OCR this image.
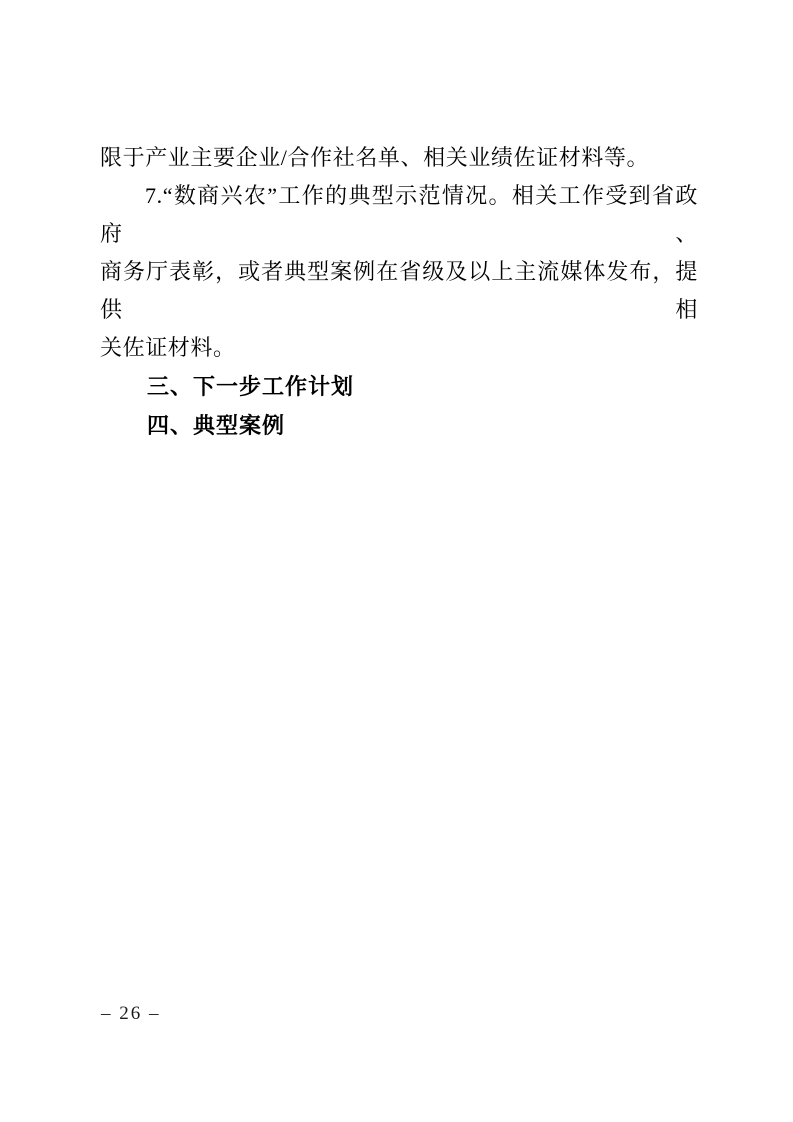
限于产业主要企业/合作社名单、相关业绩佐证材料等。
7.“数商兴农”工作的典型示范情况。相关工作受到省政府、
商务厅表彰，或者典型案例在省级及以上主流媒体发布，提供相
关佐证材料。
三、下一步工作计划
四、典型案例
– 26 –
